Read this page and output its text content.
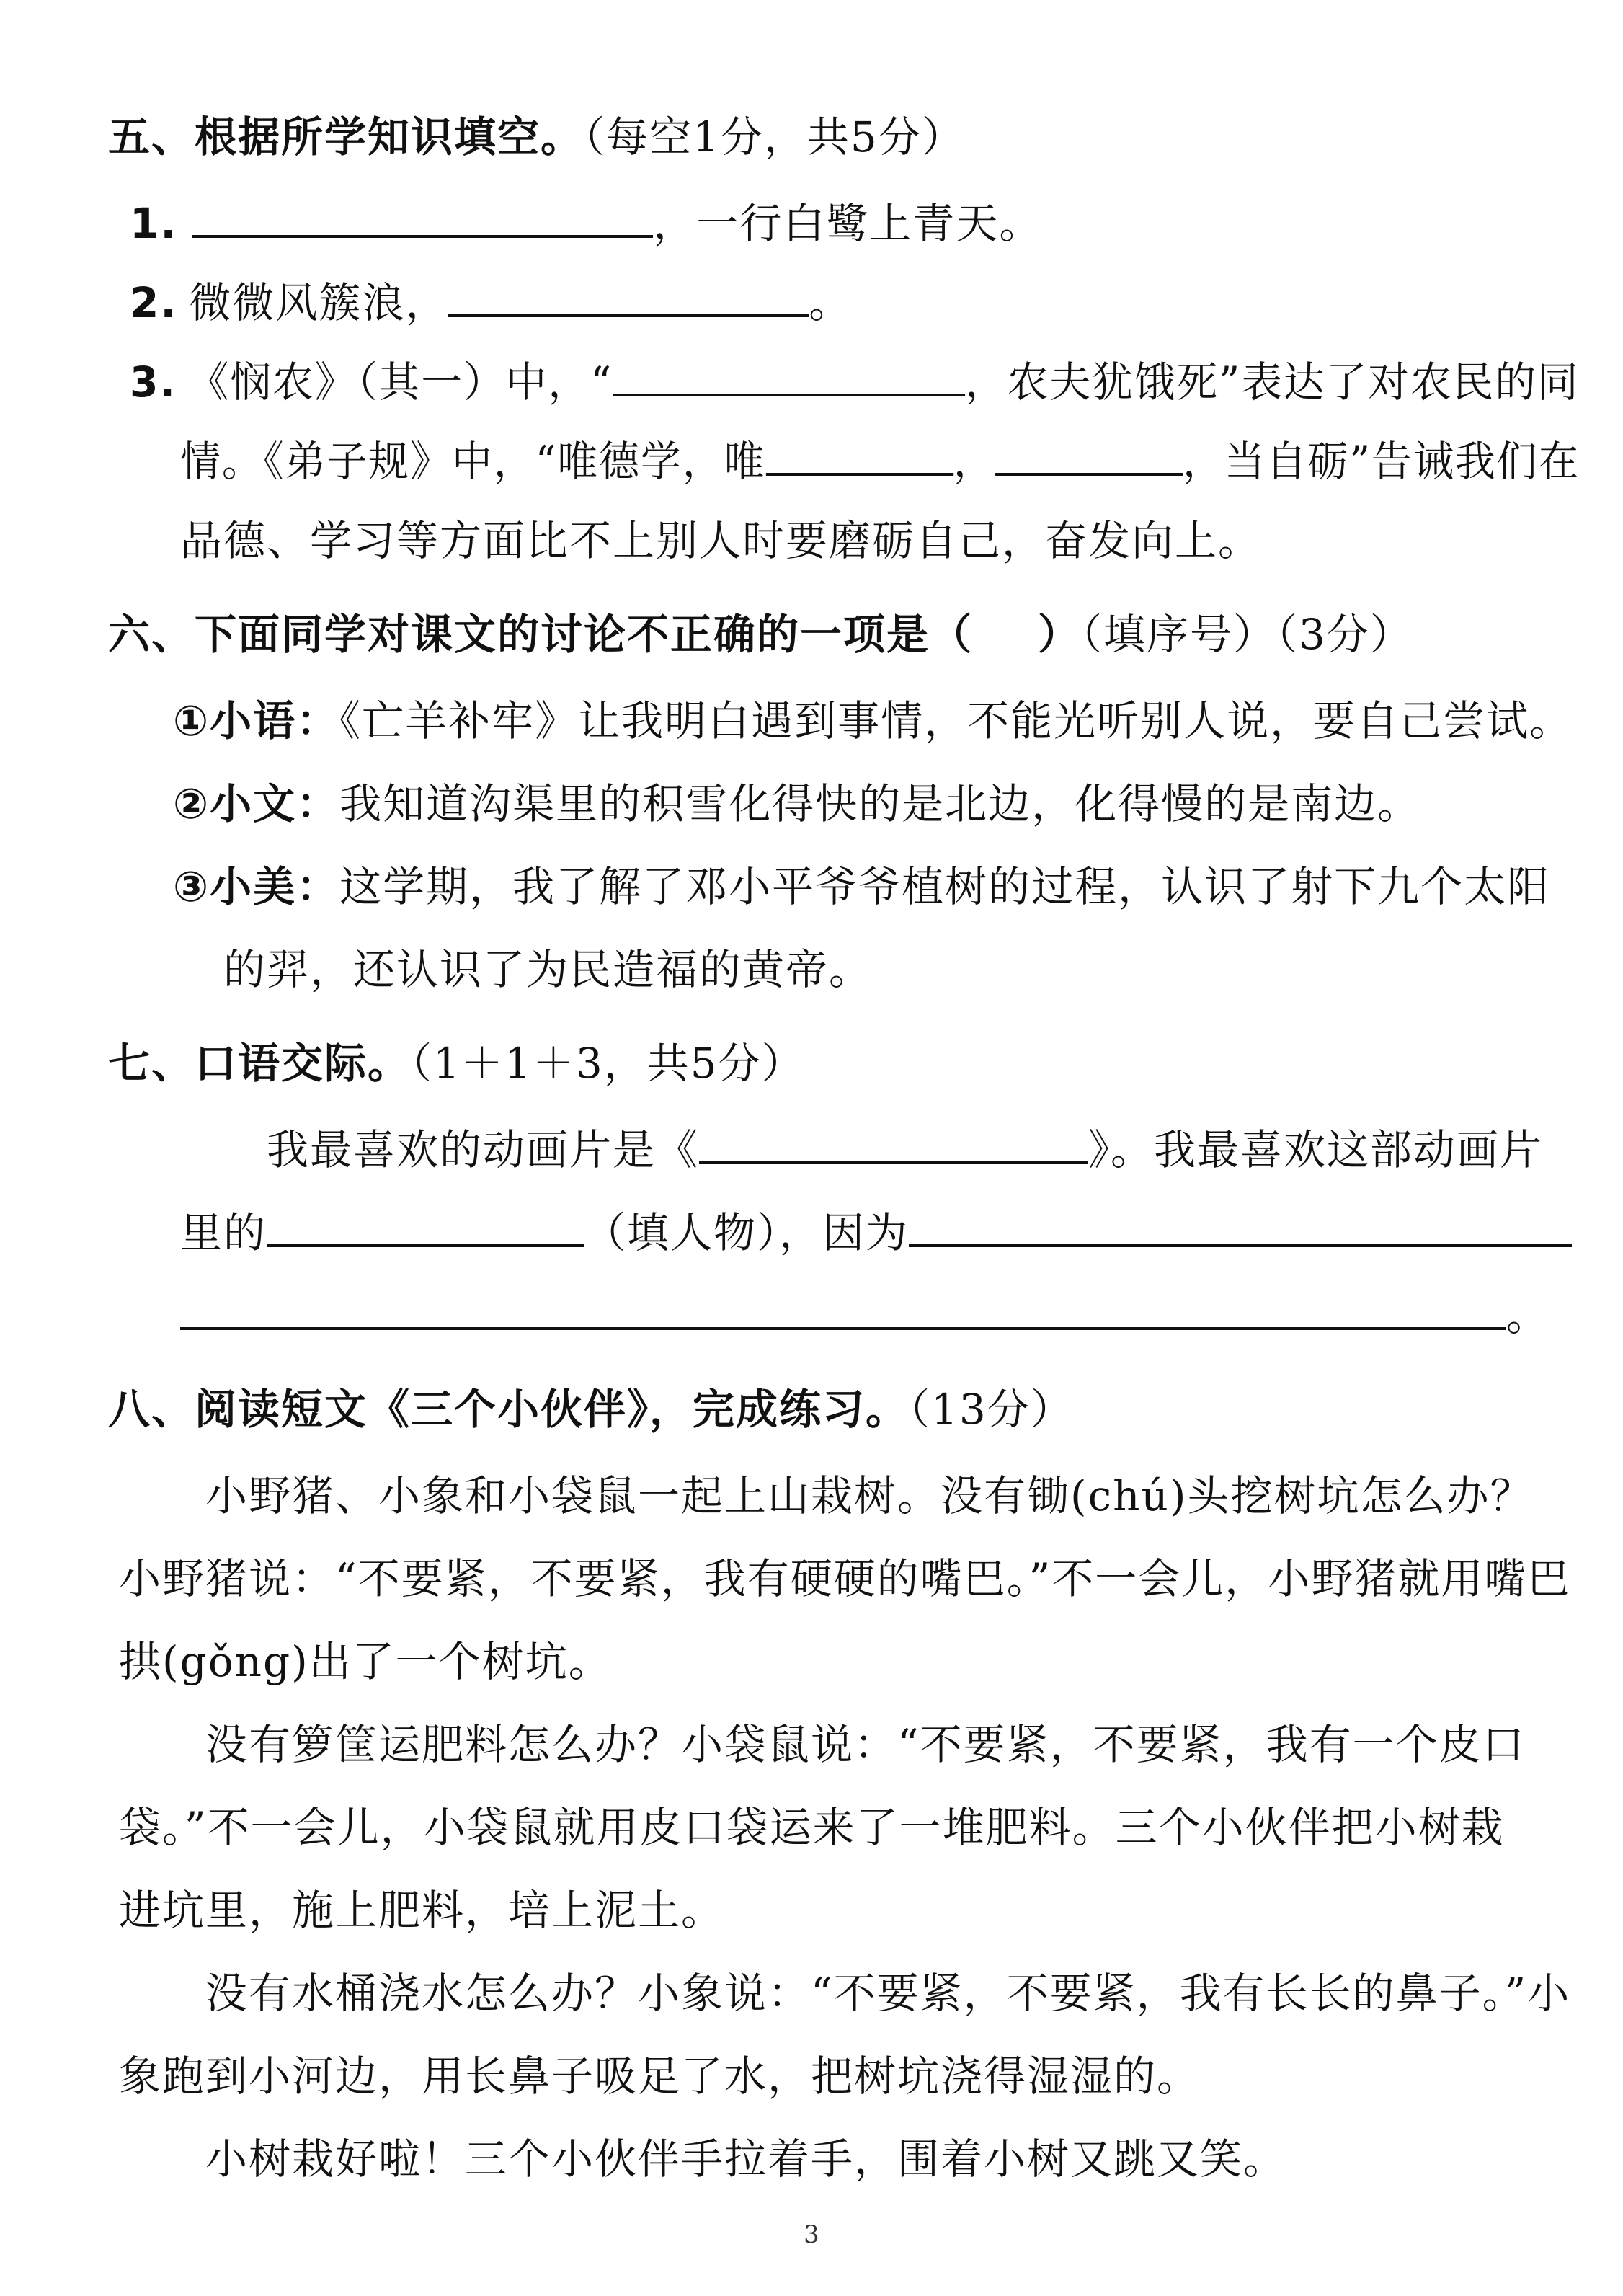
五、根据所学知识填空。（每空1分，共5分）
1.	，一行白鹭上青天。
2. 微微风簇浪，	。
3. 《悯农》（其一）中，“	，农夫犹饿死”表达了对农民的同
情。《弟子规》中，“唯德学，唯	，	，当自砺”告诫我们在
品德、学习等方面比不上别人时要磨砺自己，奋发向上。
六、下面同学对课文的讨论不正确的一项是（ ）（填序号）（3分）
①小语：《亡羊补牢》让我明白遇到事情，不能光听别人说，要自己尝试。
②小文：我知道沟渠里的积雪化得快的是北边，化得慢的是南边。
③小美：这学期，我了解了邓小平爷爷植树的过程，认识了射下九个太阳
的羿，还认识了为民造福的黄帝。
七、口语交际。（1＋1＋3，共5分）
我最喜欢的动画片是《	》。我最喜欢这部动画片
里的	（填人物），因为
。
八、阅读短文《三个小伙伴》，完成练习。（13分）
小野猪、小象和小袋鼠一起上山栽树。没有锄(chú)头挖树坑怎么办？
小野猪说：“不要紧，不要紧，我有硬硬的嘴巴。”不一会儿，小野猪就用嘴巴
拱(gǒng)出了一个树坑。
没有箩筐运肥料怎么办？小袋鼠说：“不要紧，不要紧，我有一个皮口
袋。”不一会儿，小袋鼠就用皮口袋运来了一堆肥料。三个小伙伴把小树栽
进坑里，施上肥料，培上泥土。
没有水桶浇水怎么办？小象说：“不要紧，不要紧，我有长长的鼻子。”小
象跑到小河边，用长鼻子吸足了水，把树坑浇得湿湿的。
小树栽好啦！三个小伙伴手拉着手，围着小树又跳又笑。
3
